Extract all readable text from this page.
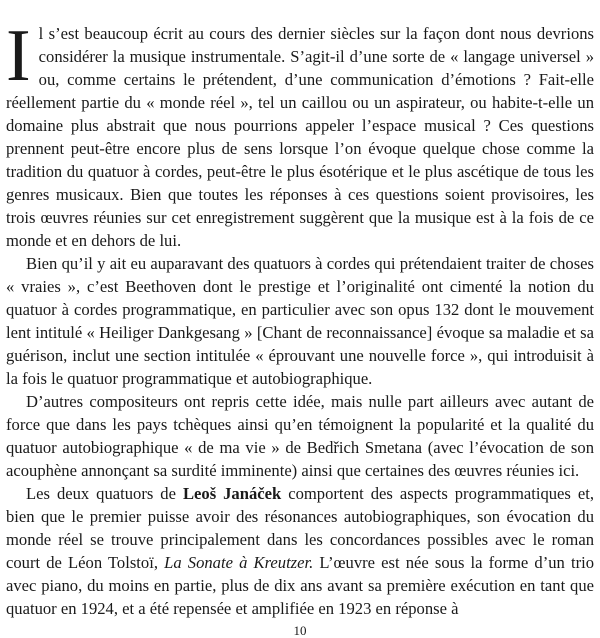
Il s’est beaucoup écrit au cours des dernier siècles sur la façon dont nous devrions considérer la musique instrumentale. S’agit-il d’une sorte de « langage universel » ou, comme certains le prétendent, d’une communication d’émotions ? Fait-elle réellement partie du « monde réel », tel un caillou ou un aspirateur, ou habite-t-elle un domaine plus abstrait que nous pourrions appeler l’espace musical ? Ces questions prennent peut-être encore plus de sens lorsque l’on évoque quelque chose comme la tradition du quatuor à cordes, peut-être le plus ésotérique et le plus ascétique de tous les genres musicaux. Bien que toutes les réponses à ces questions soient provisoires, les trois œuvres réunies sur cet enregistrement suggèrent que la musique est à la fois de ce monde et en dehors de lui.

Bien qu’il y ait eu auparavant des quatuors à cordes qui prétendaient traiter de choses « vraies », c’est Beethoven dont le prestige et l’originalité ont cimenté la notion du quatuor à cordes programmatique, en particulier avec son opus 132 dont le mouvement lent intitulé « Heiliger Dankgesang » [Chant de reconnaissance] évoque sa maladie et sa guérison, inclut une section intitulée « éprouvant une nouvelle force », qui introduisit à la fois le quatuor programmatique et autobiographique.

D’autres compositeurs ont repris cette idée, mais nulle part ailleurs avec autant de force que dans les pays tchèques ainsi qu’en témoignent la popularité et la qualité du quatuor autobiographique « de ma vie » de Bedřich Smetana (avec l’évocation de son acouphène annonçant sa surdité imminente) ainsi que certaines des œuvres réunies ici.

Les deux quatuors de Leoš Janáček comportent des aspects programmatiques et, bien que le premier puisse avoir des résonances autobiographiques, son évocation du monde réel se trouve principalement dans les concordances possibles avec le roman court de Léon Tolstoï, La Sonate à Kreutzer. L’œuvre est née sous la forme d’un trio avec piano, du moins en partie, plus de dix ans avant sa première exécution en tant que quatuor en 1924, et a été repensée et amplifiée en 1923 en réponse à

10
